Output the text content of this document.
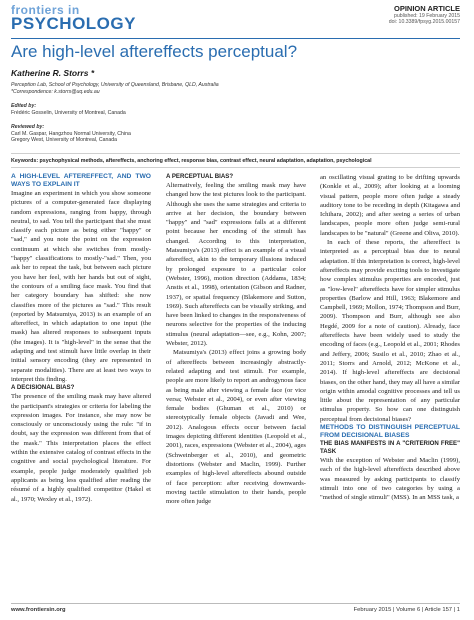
frontiers in
PSYCHOLOGY
OPINION ARTICLE
published: 19 February 2015
doi: 10.3389/fpsyg.2015.00157
Are high-level aftereffects perceptual?
Katherine R. Storrs *
Perception Lab, School of Psychology, University of Queensland, Brisbane, QLD, Australia
*Correspondence: k.storrs@uq.edu.au
Edited by:
Frédéric Gosselin, University of Montreal, Canada
Reviewed by:
Carl M. Gaspar, Hangzhou Normal University, China
Gregory West, University of Montreal, Canada
Keywords: psychophysical methods, aftereffects, anchoring effect, response bias, contrast effect, neural adaptation, adaptation, psychological
A HIGH-LEVEL AFTEREFFECT, AND TWO WAYS TO EXPLAIN IT

Imagine an experiment in which you show someone pictures of a computer-generated face displaying random expressions, ranging from happy, through neutral, to sad. You tell the participant that she must classify each picture as being either "happy" or "sad," and you note the point on the expression continuum at which she switches from mostly-"happy" classifications to mostly-"sad." Then, you ask her to repeat the task, but between each picture you have her feel, with her hands but out of sight, the contours of a smiling face mask. You find that her category boundary has shifted: she now classifies more of the pictures as "sad." This result (reported by Matsumiya, 2013) is an example of an aftereffect, in which adaptation to one input (the mask) has altered responses to subsequent inputs (the images). It is "high-level" in the sense that the adapting and test stimuli have little overlap in their initial sensory encoding (they are represented in separate modalities). There are at least two ways to interpret this finding.

A DECISIONAL BIAS?

The presence of the smiling mask may have altered the participant's strategies or criteria for labeling the expression images. For instance, she may now be consciously or unconsciously using the rule: "if in doubt, say the expression was different from that of the mask." This interpretation places the effect within the extensive catalog of contrast effects in the cognitive and social psychological literature. For example, people judge moderately qualified job applicants as being less qualified after reading the résumé of a highly qualified competitor (Hakel et al., 1970; Wexley et al., 1972).

A PERCEPTUAL BIAS?

Alternatively, feeling the smiling mask may have changed how the test pictures look to the participant. Although she uses the same strategies and criteria to arrive at her decision, the boundary between "happy" and "sad" expressions falls at a different point because her encoding of the stimuli has changed. According to this interpretation, Matsumiya's (2013) effect is an example of a visual aftereffect, akin to the temporary illusions induced by prolonged exposure to a particular color (Webster, 1996), motion direction (Addams, 1834; Anstis et al., 1998), orientation (Gibson and Radner, 1937), or spatial frequency (Blakemore and Sutton, 1969). Such aftereffects can be visually striking, and have been linked to changes in the responsiveness of neurons selective for the properties of the inducing stimulus (neural adaptation—see, e.g., Kohn, 2007; Webster, 2012).

Matsumiya's (2013) effect joins a growing body of aftereffects between increasingly abstractly-related adapting and test stimuli. For example, people are more likely to report an androgynous face as being male after viewing a female face (or vice versa; Webster et al., 2004), or even after viewing female bodies (Ghuman et al., 2010) or stereotypically female objects (Javadi and Wee, 2012). Analogous effects occur between facial images depicting different identities (Leopold et al., 2001), races, expressions (Webster et al., 2004), ages (Schweinberger et al., 2010), and geometric distortions (Webster and Maclin, 1999). Further examples of high-level aftereffects abound outside of face perception: after receiving downwards-moving tactile stimulation to their hands, people more often judge

an oscillating visual grating to be drifting upwards (Konkle et al., 2009); after looking at a looming visual pattern, people more often judge a steady auditory tone to be receding in depth (Kitagawa and Ichihara, 2002); and after seeing a series of urban landscapes, people more often judge semi-rural landscapes to be "natural" (Greene and Oliva, 2010).

In each of these reports, the aftereffect is interpreted as a perceptual bias due to neural adaptation. If this interpretation is correct, high-level aftereffects may provide exciting tools to investigate how complex stimulus properties are encoded, just as "low-level" aftereffects have for simpler stimulus properties (Barlow and Hill, 1963; Blakemore and Campbell, 1969; Mollon, 1974; Thompson and Burr, 2009). Thompson and Burr, although see also Hegdé, 2009 for a note of caution). Already, face aftereffects have been widely used to study the encoding of faces (e.g., Leopold et al., 2001; Rhodes and Jeffery, 2006; Susilo et al., 2010; Zhao et al., 2011; Storrs and Arnold, 2012; McKone et al., 2014). If high-level aftereffects are decisional biases, on the other hand, they may all have a similar origin within amodal cognitive processes and tell us little about the representation of any particular stimulus property. So how can one distinguish perceptual from decisional biases?

METHODS TO DISTINGUISH PERCEPTUAL FROM DECISIONAL BIASES
THE BIAS MANIFESTS IN A "CRITERION FREE" TASK

With the exception of Webster and Maclin (1999), each of the high-level aftereffects described above was measured by asking participants to classify stimuli into one of two categories by using a "method of single stimuli" (MSS). In an MSS task, a

www.frontiersin.org	February 2015 | Volume 6 | Article 157 | 1
